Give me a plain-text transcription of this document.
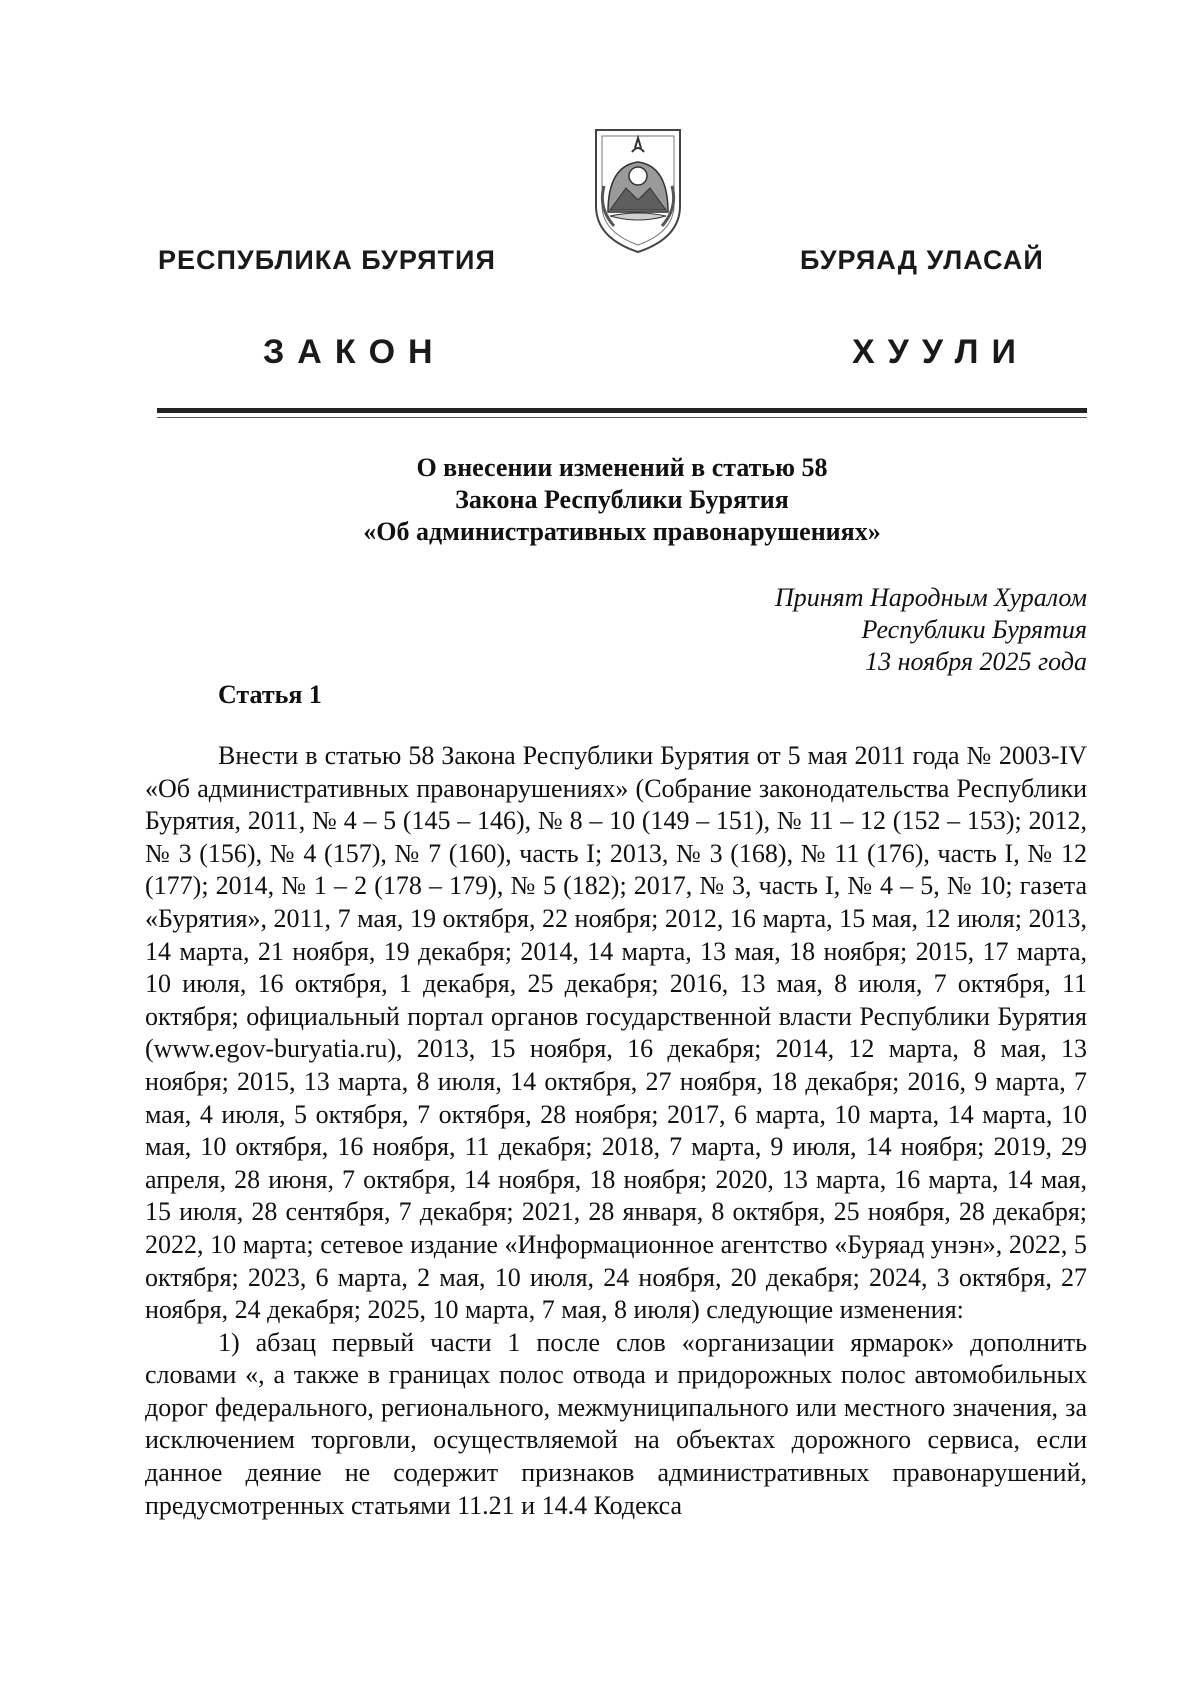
РЕСПУБЛИКА БУРЯТИЯ	БУРЯАД УЛАСАЙ
ЗАКОН	ХУУЛИ
О внесении изменений в статью 58
Закона Республики Бурятия
«Об административных правонарушениях»
Принят Народным Хуралом
Республики Бурятия
13 ноября 2025 года
Статья 1

Внести в статью 58 Закона Республики Бурятия от 5 мая 2011 года № 2003-IV «Об административных правонарушениях» (Собрание законодательства Республики Бурятия, 2011, № 4 – 5 (145 – 146), № 8 – 10 (149 – 151), № 11 – 12 (152 – 153); 2012, № 3 (156), № 4 (157), № 7 (160), часть I; 2013, № 3 (168), № 11 (176), часть I, № 12 (177); 2014, № 1 – 2 (178 – 179), № 5 (182); 2017, № 3, часть I, № 4 – 5, № 10; газета «Бурятия», 2011, 7 мая, 19 октября, 22 ноября; 2012, 16 марта, 15 мая, 12 июля; 2013, 14 марта, 21 ноября, 19 декабря; 2014, 14 марта, 13 мая, 18 ноября; 2015, 17 марта, 10 июля, 16 октября, 1 декабря, 25 декабря; 2016, 13 мая, 8 июля, 7 октября, 11 октября; официальный портал органов государственной власти Республики Бурятия (www.egov-buryatia.ru), 2013, 15 ноября, 16 декабря; 2014, 12 марта, 8 мая, 13 ноября; 2015, 13 марта, 8 июля, 14 октября, 27 ноября, 18 декабря; 2016, 9 марта, 7 мая, 4 июля, 5 октября, 7 октября, 28 ноября; 2017, 6 марта, 10 марта, 14 марта, 10 мая, 10 октября, 16 ноября, 11 декабря; 2018, 7 марта, 9 июля, 14 ноября; 2019, 29 апреля, 28 июня, 7 октября, 14 ноября, 18 ноября; 2020, 13 марта, 16 марта, 14 мая, 15 июля, 28 сентября, 7 декабря; 2021, 28 января, 8 октября, 25 ноября, 28 декабря; 2022, 10 марта; сетевое издание «Информационное агентство «Буряад унэн», 2022, 5 октября; 2023, 6 марта, 2 мая, 10 июля, 24 ноября, 20 декабря; 2024, 3 октября, 27 ноября, 24 декабря; 2025, 10 марта, 7 мая, 8 июля) следующие изменения:

1) абзац первый части 1 после слов «организации ярмарок» дополнить словами «, а также в границах полос отвода и придорожных полос автомобильных дорог федерального, регионального, межмуниципального или местного значения, за исключением торговли, осуществляемой на объектах дорожного сервиса, если данное деяние не содержит признаков административных правонарушений, предусмотренных статьями 11.21 и 14.4 Кодекса
